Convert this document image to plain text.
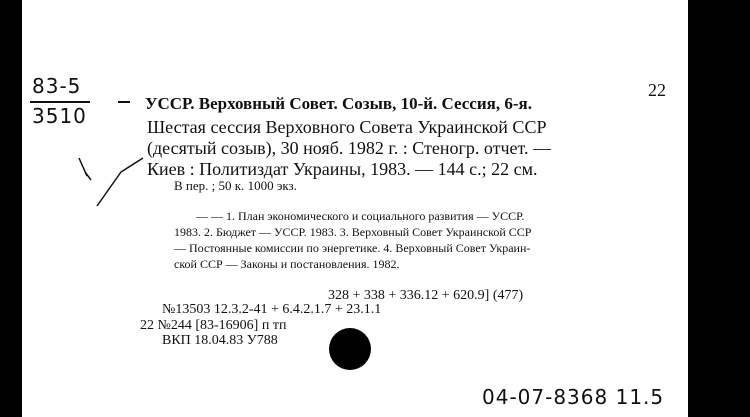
83-5
3510
22
УССР. Верховный Совет. Созыв, 10-й. Сессия, 6-я.
Шестая сессия Верховного Совета Украинской ССР
(десятый созыв), 30 нояб. 1982 г. : Стеногр. отчет. —
Киев : Политиздат Украины, 1983. — 144 с.; 22 см.
В пер. ; 50 к. 1000 экз.
— — 1. План экономического и социального развития — УССР.
1983. 2. Бюджет — УССР. 1983. 3. Верховный Совет Украинской ССР
— Постоянные комиссии по энергетике. 4. Верховный Совет Украин-
ской ССР — Законы и постановления. 1982.
328 + 338 + 336.12 + 620.9] (477)
№13503 12.3.2-41 + 6.4.2.1.7 + 23.1.1
22 №244 [83-16906] п тп
ВКП 18.04.83 У788
04-07-8368 11.5
